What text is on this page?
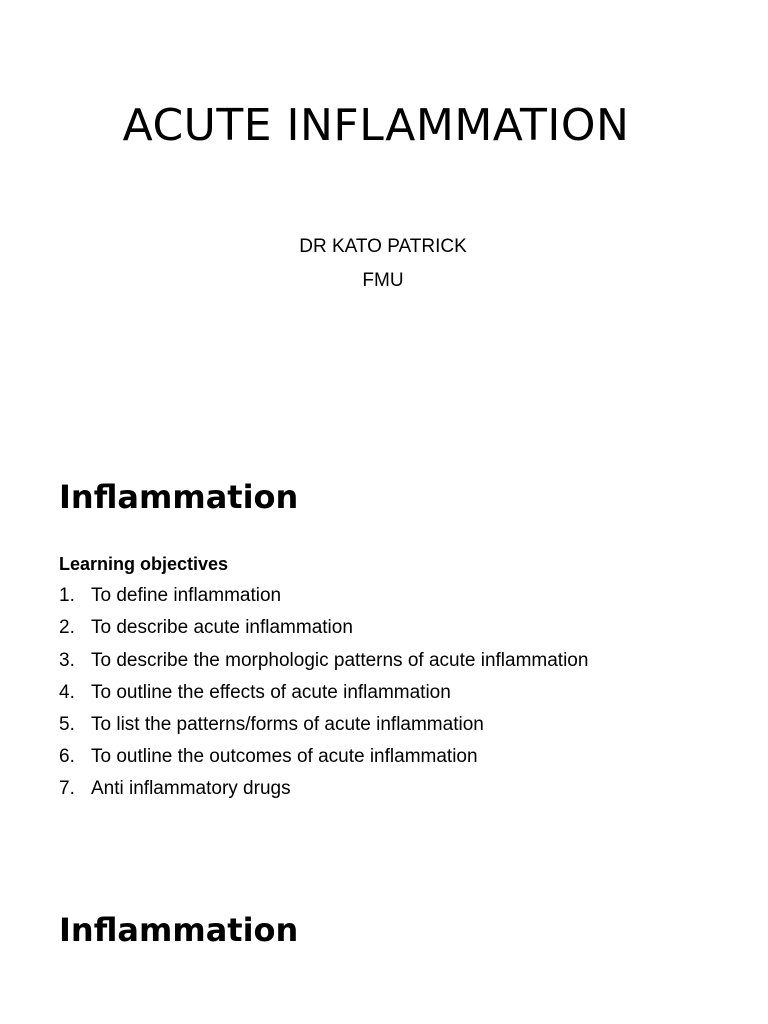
ACUTE INFLAMMATION
DR KATO PATRICK
FMU
Inflammation
Learning objectives
1. To define inflammation
2. To describe acute inflammation
3. To describe the morphologic patterns of acute inflammation
4. To outline the effects of acute inflammation
5. To list the patterns/forms of acute inflammation
6. To outline the outcomes of acute inflammation
7. Anti inflammatory drugs
Inflammation
